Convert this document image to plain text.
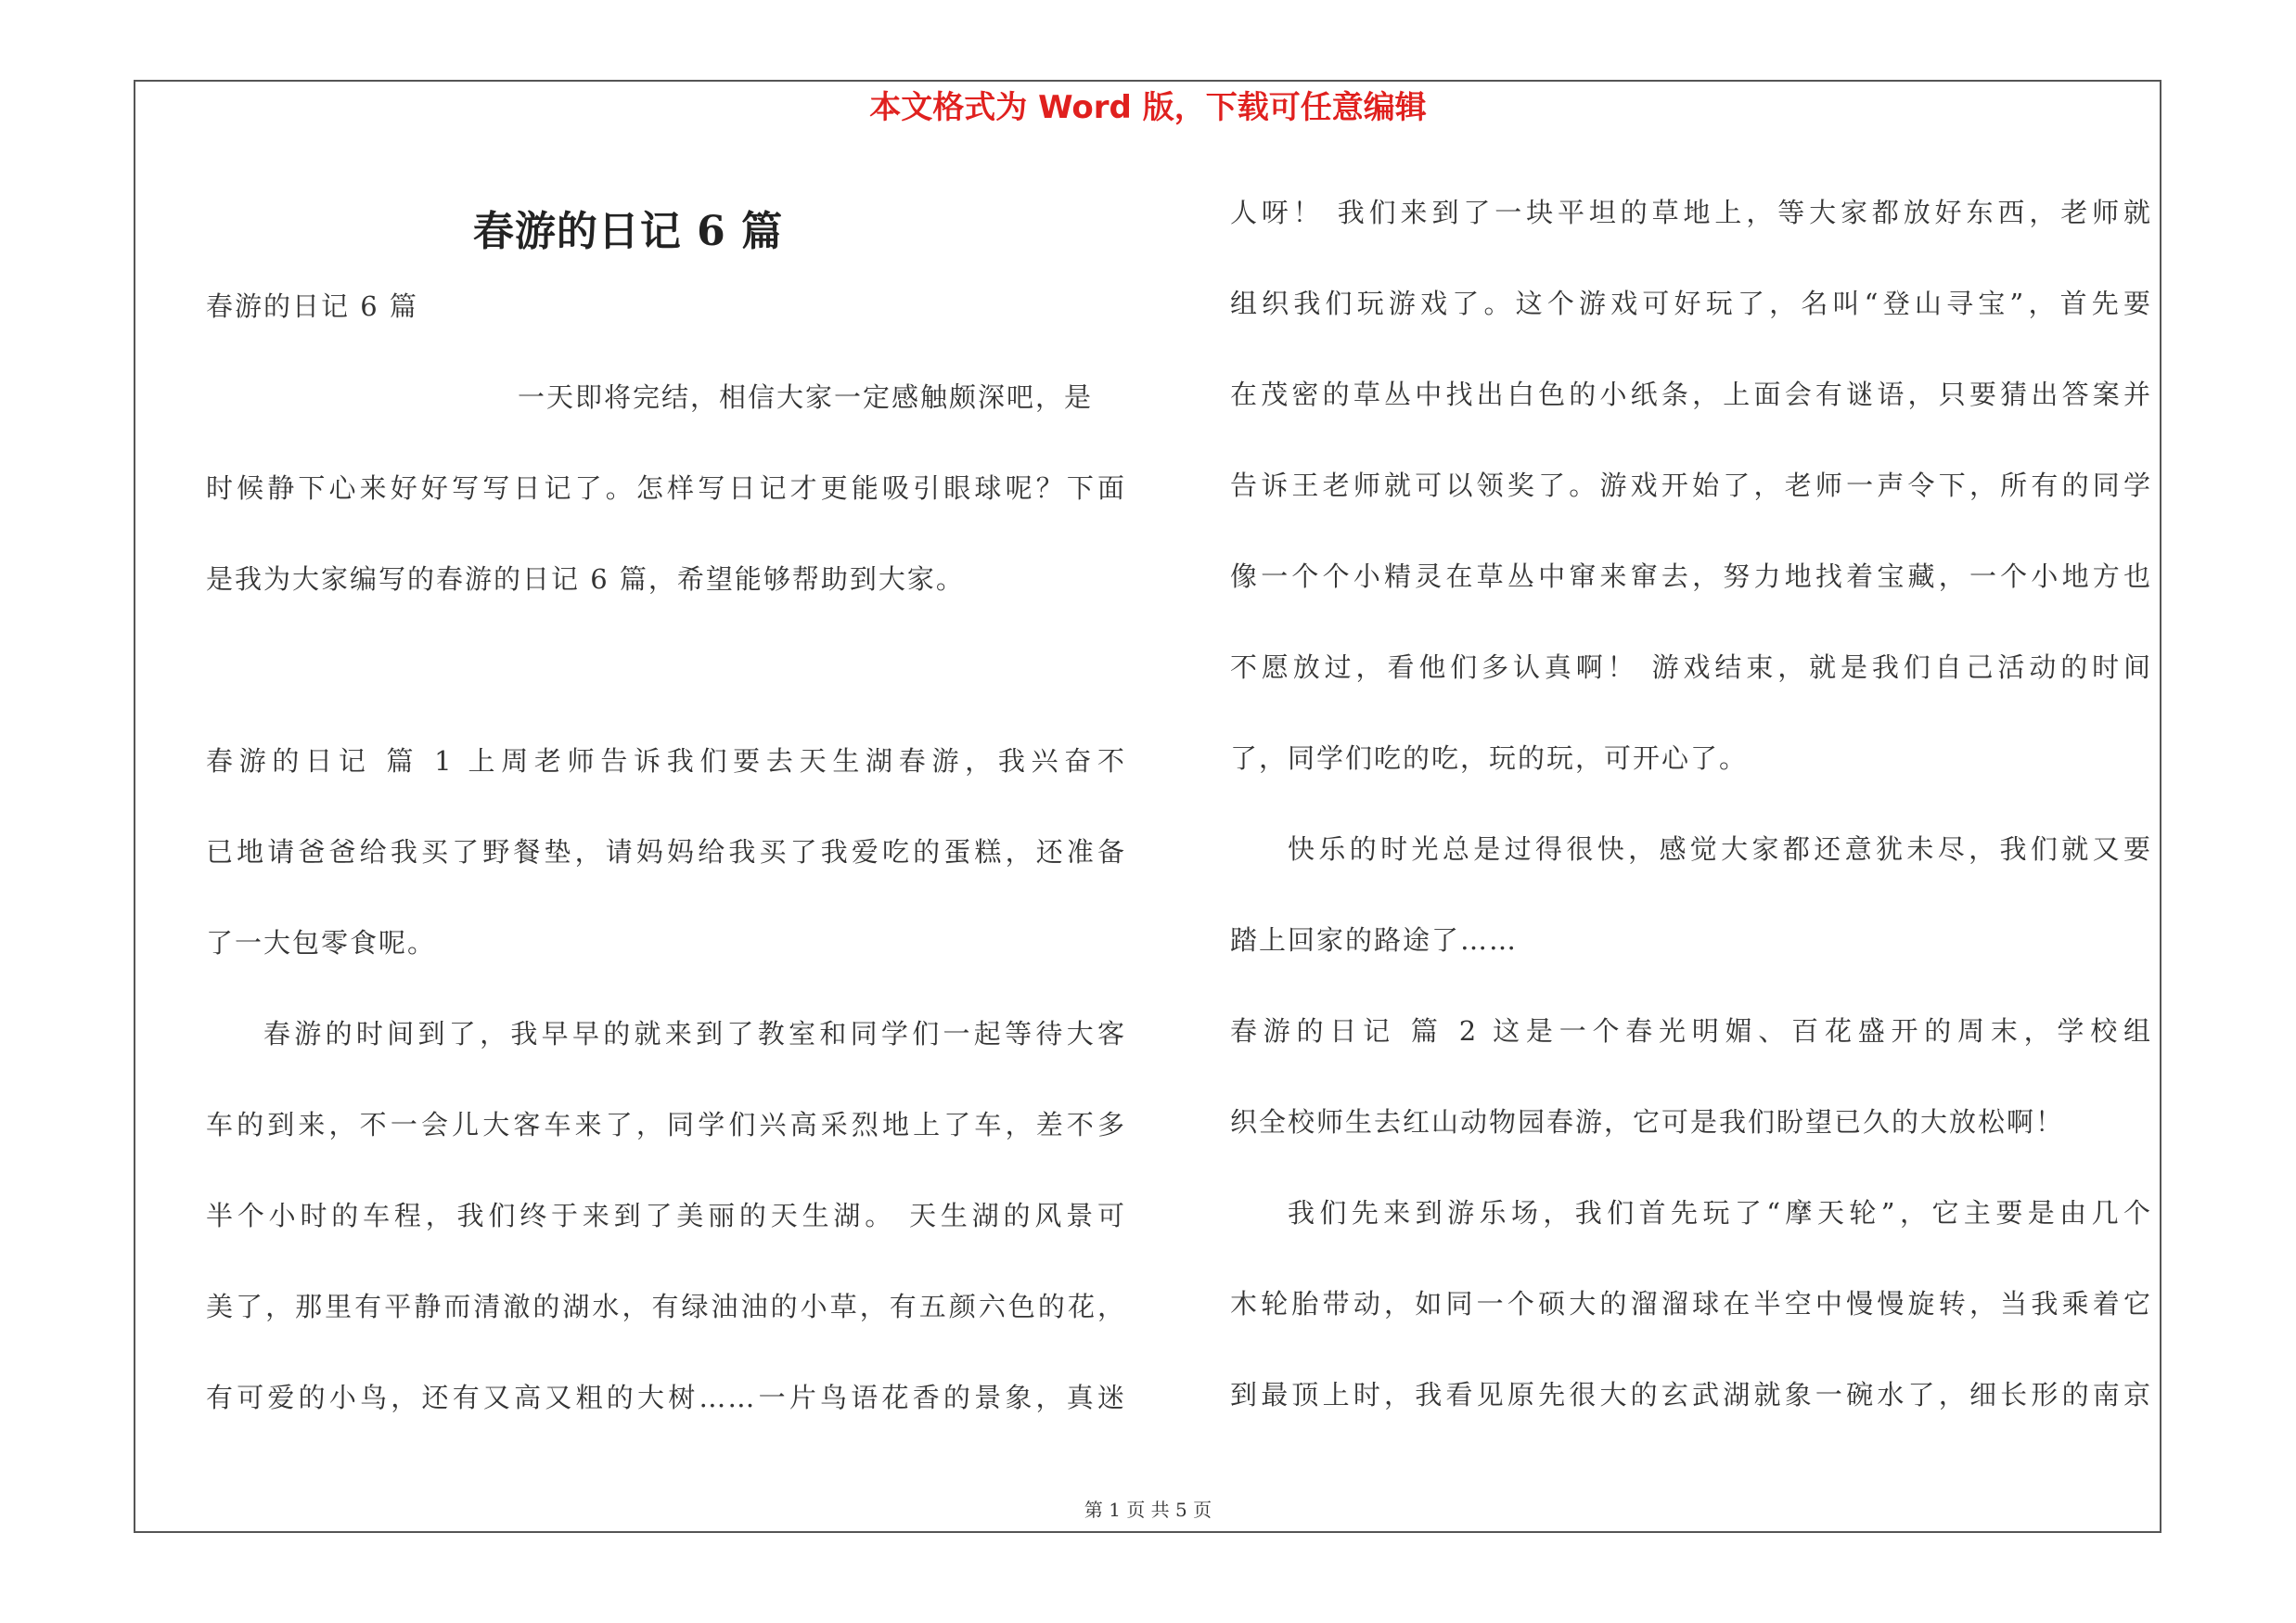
本文格式为 Word 版，下载可任意编辑
春游的日记 6 篇
春游的日记 6 篇
一天即将完结，相信大家一定感触颇深吧，是
时候静下心来好好写写日记了。怎样写日记才更能吸引眼球呢？下面
是我为大家编写的春游的日记 6 篇，希望能够帮助到大家。
春游的日记 篇 1 上周老师告诉我们要去天生湖春游，我兴奋不
已地请爸爸给我买了野餐垫，请妈妈给我买了我爱吃的蛋糕，还准备
了一大包零食呢。
春游的时间到了，我早早的就来到了教室和同学们一起等待大客
车的到来，不一会儿大客车来了，同学们兴高采烈地上了车，差不多
半个小时的车程，我们终于来到了美丽的天生湖。 天生湖的风景可
美了，那里有平静而清澈的湖水，有绿油油的小草，有五颜六色的花，
有可爱的小鸟，还有又高又粗的大树……一片鸟语花香的景象，真迷
人呀！ 我们来到了一块平坦的草地上，等大家都放好东西，老师就
组织我们玩游戏了。这个游戏可好玩了，名叫“登山寻宝”，首先要
在茂密的草丛中找出白色的小纸条，上面会有谜语，只要猜出答案并
告诉王老师就可以领奖了。游戏开始了，老师一声令下，所有的同学
像一个个小精灵在草丛中窜来窜去，努力地找着宝藏，一个小地方也
不愿放过，看他们多认真啊！ 游戏结束，就是我们自己活动的时间
了，同学们吃的吃，玩的玩，可开心了。
快乐的时光总是过得很快，感觉大家都还意犹未尽，我们就又要
踏上回家的路途了……
春游的日记 篇 2 这是一个春光明媚、百花盛开的周末，学校组
织全校师生去红山动物园春游，它可是我们盼望已久的大放松啊！
我们先来到游乐场，我们首先玩了“摩天轮”，它主要是由几个
木轮胎带动，如同一个硕大的溜溜球在半空中慢慢旋转，当我乘着它
到最顶上时，我看见原先很大的玄武湖就象一碗水了，细长形的南京
第 1 页 共 5 页
